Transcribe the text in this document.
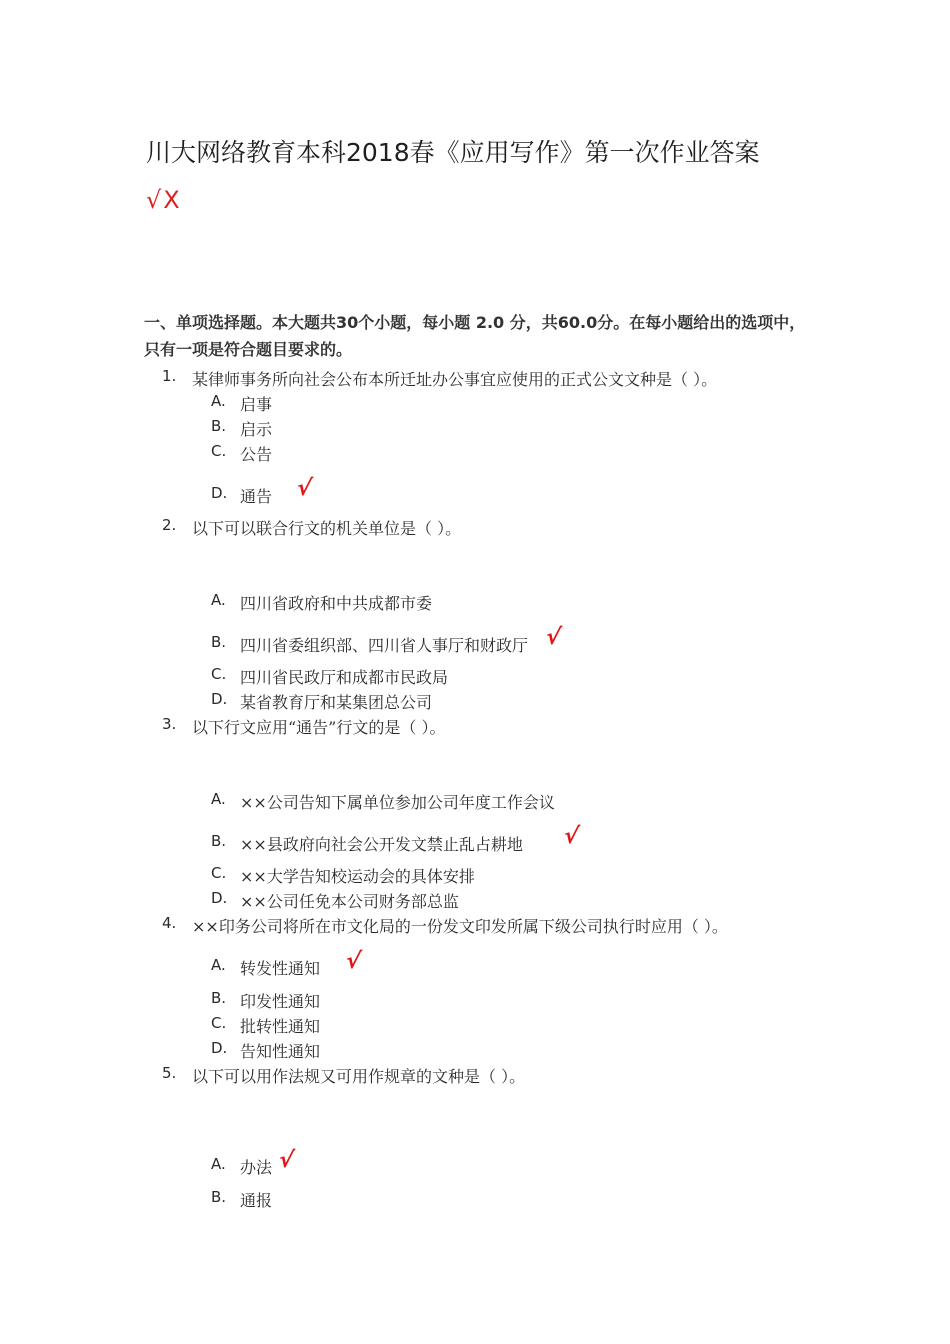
川大网络教育本科2018春《应用写作》第一次作业答案
√X
一、单项选择题。本大题共30个小题，每小题 2.0 分，共60.0分。在每小题给出的选项中，只有一项是符合题目要求的。
1. 某律师事务所向社会公布本所迁址办公事宜应使用的正式公文文种是（ ）。
A. 启事
B. 启示
C. 公告
D. 通告 √
2. 以下可以联合行文的机关单位是（ ）。
A. 四川省政府和中共成都市委
B. 四川省委组织部、四川省人事厅和财政厅 √
C. 四川省民政厅和成都市民政局
D. 某省教育厅和某集团总公司
3. 以下行文应用“通告”行文的是（ ）。
A. ××公司告知下属单位参加公司年度工作会议
B. ××县政府向社会公开发文禁止乱占耕地 √
C. ××大学告知校运动会的具体安排
D. ××公司任免本公司财务部总监
4. ××印务公司将所在市文化局的一份发文印发所属下级公司执行时应用（ ）。
A. 转发性通知 √
B. 印发性通知
C. 批转性通知
D. 告知性通知
5. 以下可以用作法规又可用作规章的文种是（ ）。
A. 办法 √
B. 通报
